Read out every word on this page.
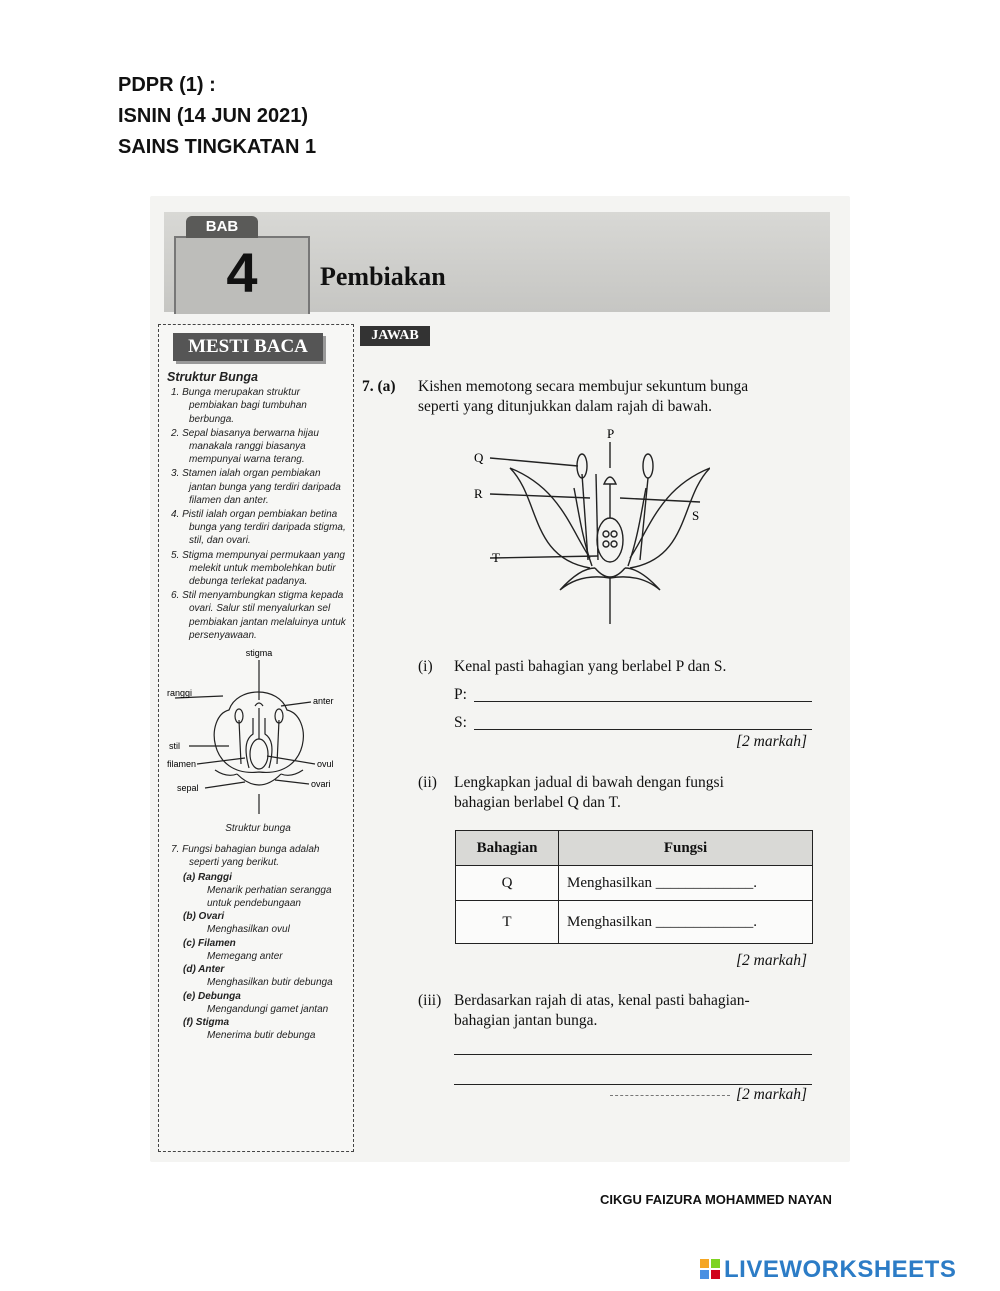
PDPR (1) :
ISNIN (14 JUN 2021)
SAINS TINGKATAN 1
4
BAB
Pembiakan
MESTI BACA
Struktur Bunga
1. Bunga merupakan struktur pembiakan bagi tumbuhan berbunga.
2. Sepal biasanya berwarna hijau manakala ranggi biasanya mempunyai warna terang.
3. Stamen ialah organ pembiakan jantan bunga yang terdiri daripada filamen dan anter.
4. Pistil ialah organ pembiakan betina bunga yang terdiri daripada stigma, stil, dan ovari.
5. Stigma mempunyai permukaan yang melekit untuk membolehkan butir debunga terlekat padanya.
6. Stil menyambungkan stigma kepada ovari. Salur stil menyalurkan sel pembiakan jantan melaluinya untuk persenyawaan.
stigma
ranggi
anter
stil
filamen	ovul
sepal	ovari
Struktur bunga
7. Fungsi bahagian bunga adalah seperti yang berikut.
(a) Ranggi
Menarik perhatian serangga untuk pendebungaan
(b) Ovari
Menghasilkan ovul
(c) Filamen
Memegang anter
(d) Anter
Menghasilkan butir debunga
(e) Debunga
Mengandungi gamet jantan
(f) Stigma
Menerima butir debunga
JAWAB
7. (a) Kishen memotong secara membujur sekuntum bunga
seperti yang ditunjukkan dalam rajah di bawah.
P
Q
R
S
T
(i) Kenal pasti bahagian yang berlabel P dan S.
P:
S:
[2 markah]
(ii) Lengkapkan jadual di bawah dengan fungsi
bahagian berlabel Q dan T.
Bahagian	Fungsi
Q	Menghasilkan _____________.
T	Menghasilkan _____________.
[2 markah]
(iii) Berdasarkan rajah di atas, kenal pasti bahagian-
bahagian jantan bunga.
[2 markah]
CIKGU FAIZURA MOHAMMED NAYAN
LIVEWORKSHEETS
